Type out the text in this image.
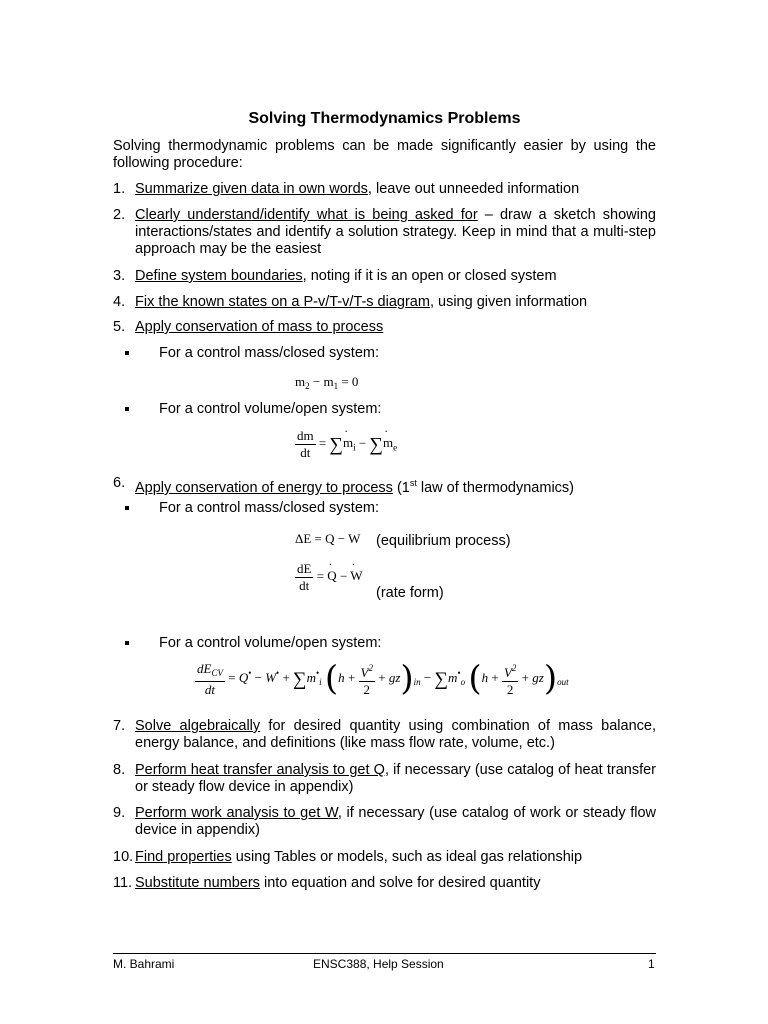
Solving Thermodynamics Problems
Solving thermodynamic problems can be made significantly easier by using the following procedure:
1. Summarize given data in own words, leave out unneeded information
2. Clearly understand/identify what is being asked for – draw a sketch showing interactions/states and identify a solution strategy. Keep in mind that a multi-step approach may be the easiest
3. Define system boundaries, noting if it is an open or closed system
4. Fix the known states on a P-v/T-v/T-s diagram, using given information
5. Apply conservation of mass to process
For a control mass/closed system:
$m_2 - m_1 = 0$
For a control volume/open system:
$\frac{dm}{dt} = \sum m$ $˙_i - \sum m$ $˙_e$
6. Apply conservation of energy to process (1st law of thermodynamics)
For a control mass/closed system:
ΔE = Q − W (equilibrium process)
$\frac{dE}{dt} = Q$ ˙ − W ˙
(rate form)
For a control volume/open system:
$\frac{dE_{CV}}{dt} = Q^• - W^• + \sum m^•_i$ $(h + \frac{V^2}{2} + gz)_{in} - \sum m^•_o$ $(h + \frac{V^2}{2} + gz)_{out}$
7. Solve algebraically for desired quantity using combination of mass balance, energy balance, and definitions (like mass flow rate, volume, etc.)
8. Perform heat transfer analysis to get Q, if necessary (use catalog of heat transfer or steady flow device in appendix)
9. Perform work analysis to get W, if necessary (use catalog of work or steady flow device in appendix)
10. Find properties using Tables or models, such as ideal gas relationship
11. Substitute numbers into equation and solve for desired quantity
M. Bahrami	ENSC388, Help Session	1
